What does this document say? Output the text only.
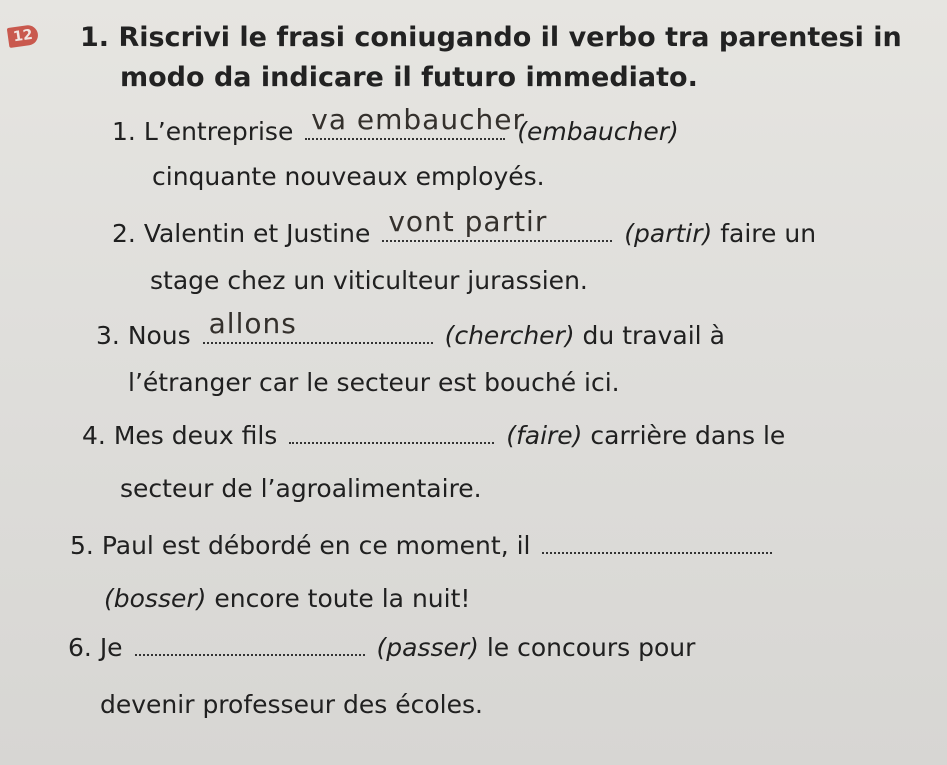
12 1. Riscrivi le frasi coniugando il verbo tra parentesi in
modo da indicare il futuro immediato.
1. L’entreprise va embaucher
(embaucher)
cinquante nouveaux employés.
2. Valentin et Justine vont partir	(partir) faire un
stage chez un viticulteur jurassien.
3. Nous allons	(chercher) du travail à
l’étranger car le secteur est bouché ici.
4. Mes deux fils	(faire) carrière dans le
secteur de l’agroalimentaire.
5. Paul est débordé en ce moment, il
(bosser) encore toute la nuit!
6. Je	(passer) le concours pour
devenir professeur des écoles.
